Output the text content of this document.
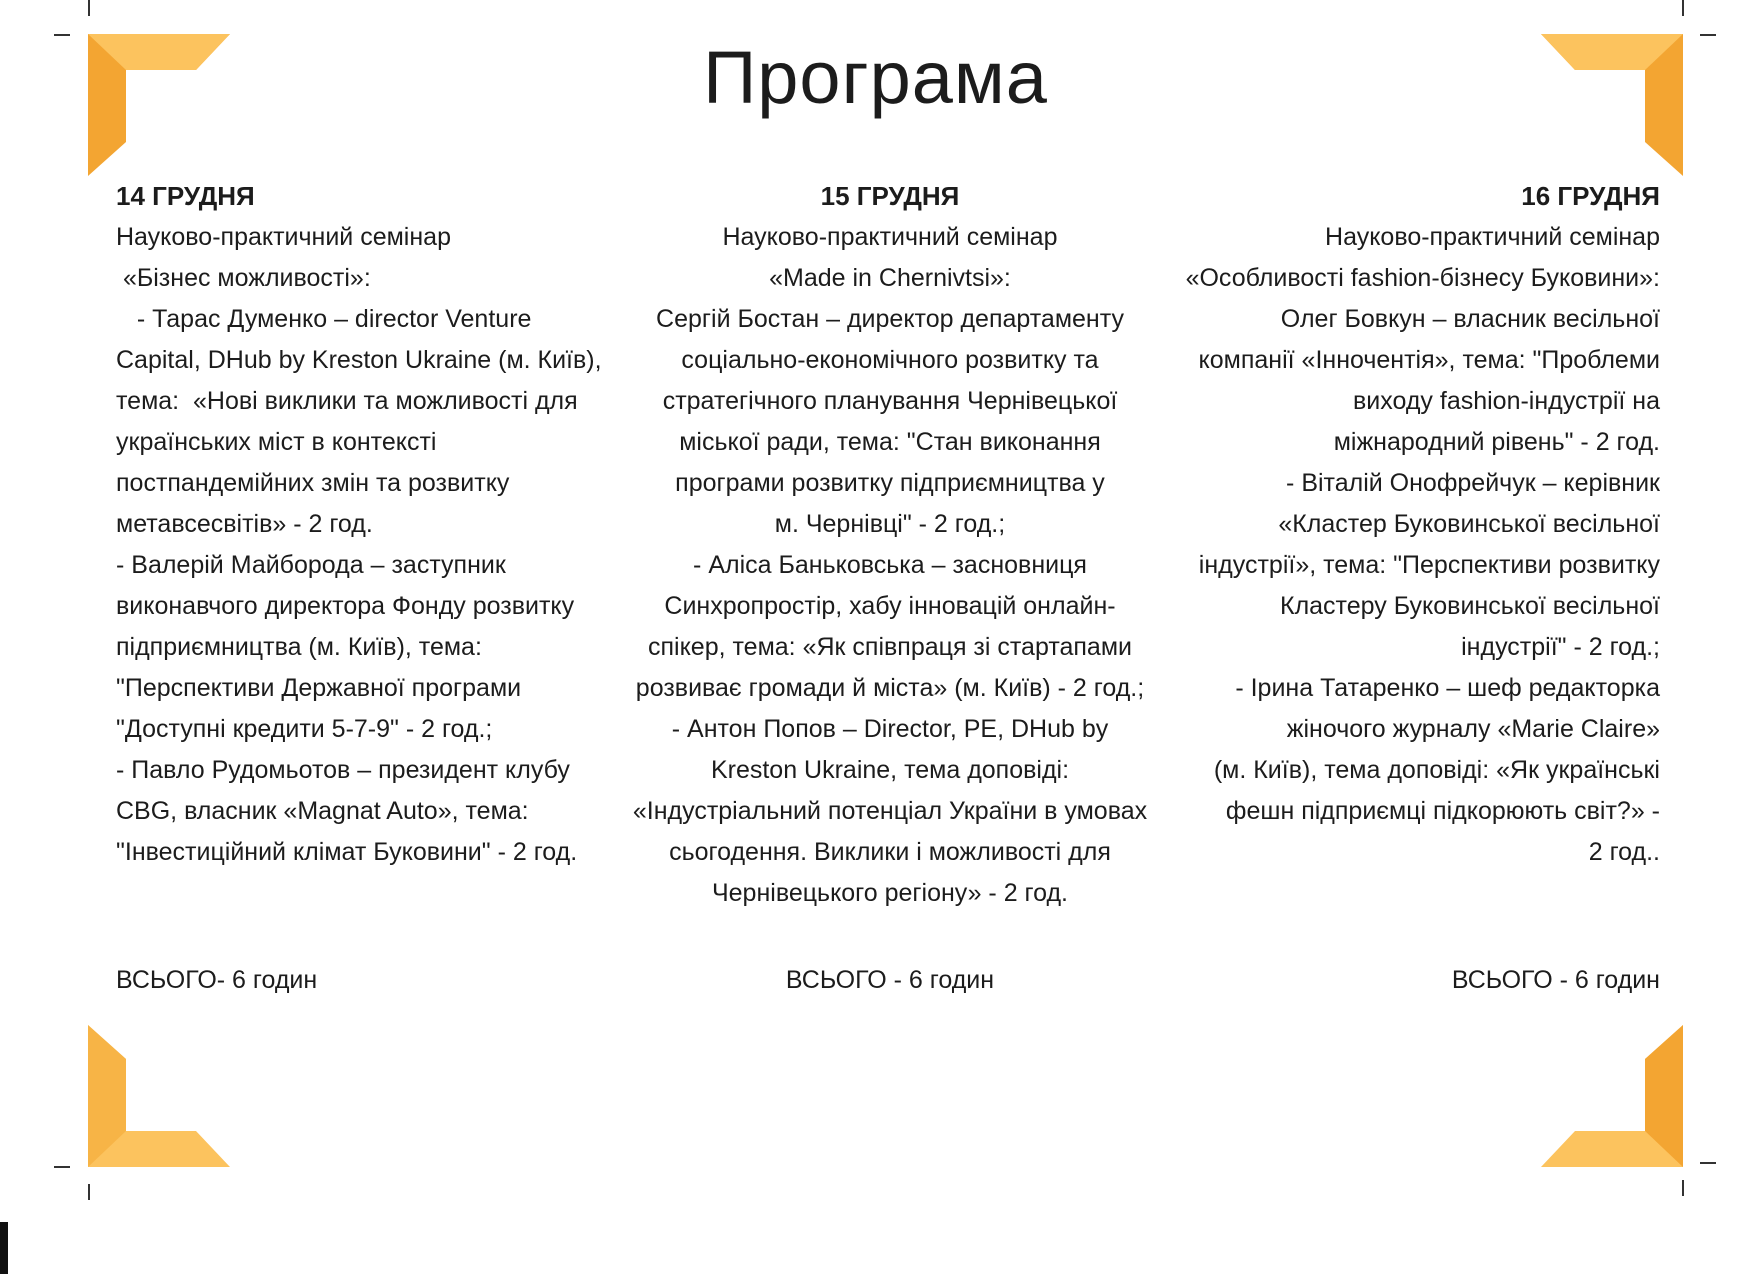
Програма
14 ГРУДНЯ

Науково-практичний семінар

«Бізнес можливості»:

- Тарас Думенко – director Venture

Capital, DHub by Kreston Ukraine (м. Київ),

тема:  «Нові виклики та можливості для

українських міст в контексті

постпандемійних змін та розвитку

метавсесвітів» - 2 год.

- Валерій Майборода – заступник

виконавчого директора Фонду розвитку

підприємництва (м. Київ), тема:

"Перспективи Державної програми

"Доступні кредити 5-7-9" - 2 год.;

- Павло Рудомьотов – президент клубу

CBG, власник «Magnat Auto», тема:

"Інвестиційний клімат Буковини" - 2 год.

15 ГРУДНЯ

Науково-практичний семінар

«Made in Chernivtsi»:

Сергій Бостан – директор департаменту

соціально-економічного розвитку та

стратегічного планування Чернівецької

міської ради, тема: "Стан виконання

програми розвитку підприємництва у

м. Чернівці" - 2 год.;

- Аліса Баньковська – засновниця

Синхропростір, хабу інновацій онлайн-

спікер, тема: «Як співпраця зі стартапами

розвиває громади й міста» (м. Київ) - 2 год.;

- Антон Попов – Director, PE, DHub by

Kreston Ukraine, тема доповіді:

«Індустріальний потенціал України в умовах

сьогодення. Виклики і можливості для

Чернівецького регіону» - 2 год.

16 ГРУДНЯ

Науково-практичний семінар

«Особливості fashion-бізнесу Буковини»:

Олег Бовкун – власник весільної

компанії «Інночентія», тема: "Проблеми

виходу fashion-індустрії на

міжнародний рівень" - 2 год.

- Віталій Онофрейчук – керівник

«Кластер Буковинської весільної

індустрії», тема: "Перспективи розвитку

Кластеру Буковинської весільної

індустрії" - 2 год.;

- Ірина Татаренко – шеф редакторка

жіночого журналу «Marie Claire»

(м. Київ), тема доповіді: «Як українські

фешн підприємці підкорюють світ?» -

2 год..

ВСЬОГО- 6 годин	ВСЬОГО - 6 годин	ВСЬОГО - 6 годин
